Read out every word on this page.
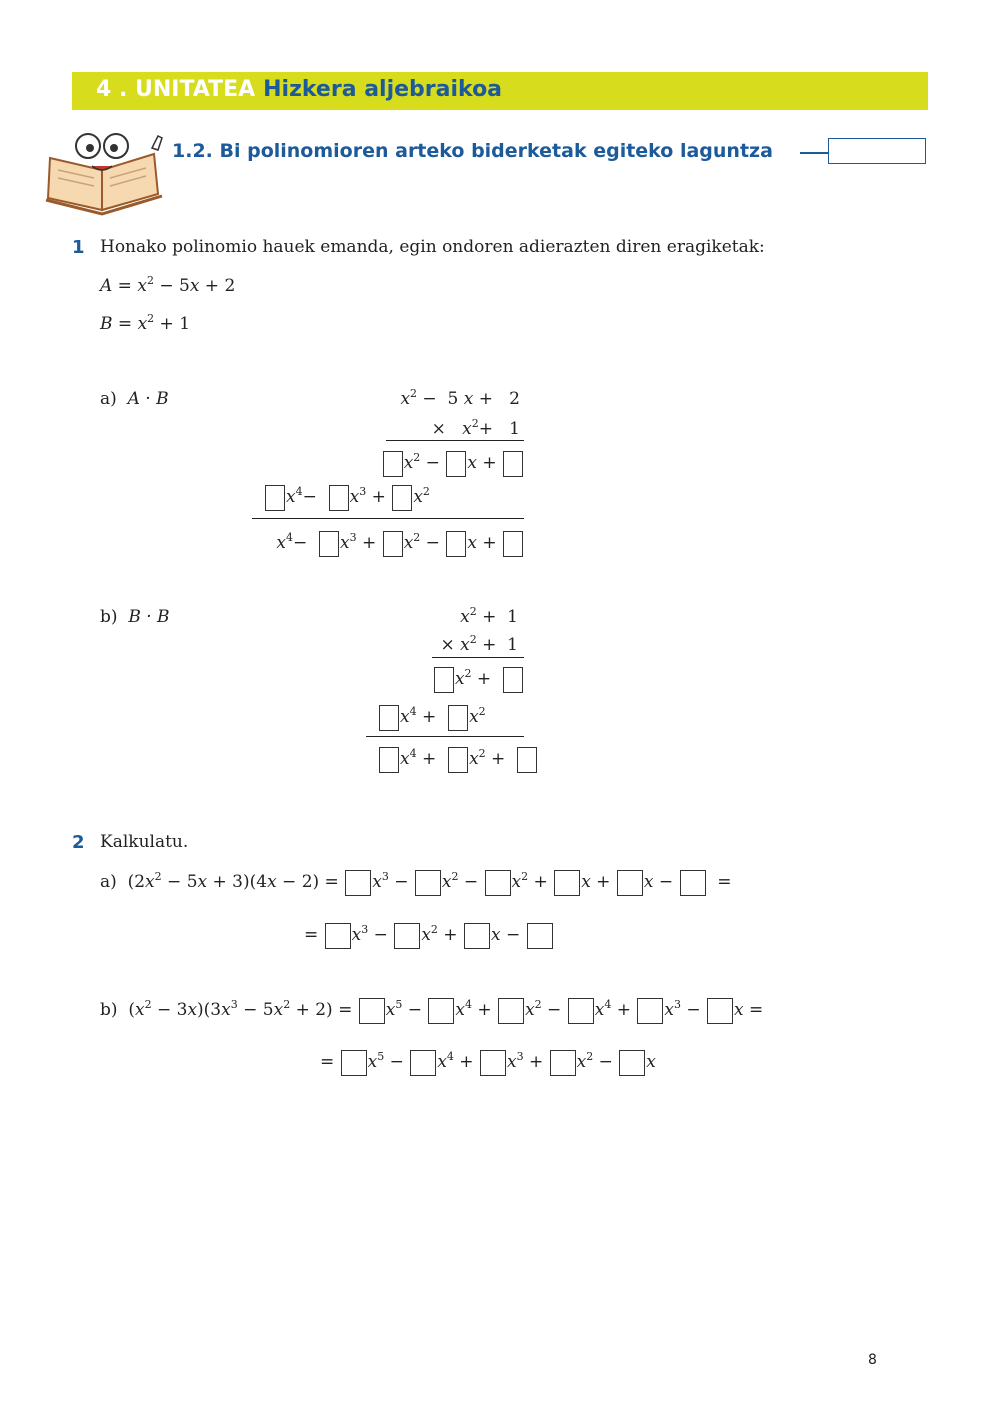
4 . UNITATEA Hizkera aljebraikoa
1.2. Bi polinomioren arteko biderketak egiteko laguntza
1 Honako polinomio hauek emanda, egin ondoren adierazten diren eragiketak:
$A = x^2 - 5x + 2$
$B = x^2 + 1$
a) A · B	$x^2 - 5$ x +   2
×   $x^2+ 1$
$x^2 - x$ +
$x^4- x^3 + x^2$
$x^4- x^3 + x^2 - x$ +
b) B · B	$x^2 + 1$
× $x^2 + 1$
$x^2$ +
$x^4 + x^2$
$x^4 + x^2$ +
2 Kalkulatu.
a)  $(2x^2 - 5x + 3)(4x - 2) = x^3 - x^2 - x^2 + x + x$ −   =
= $x^3 - x^2 + x$ −
b)  $(x^2 - 3x)(3x^3 - 5x^2 + 2) = x^5 - x^4 + x^2 - x^4 + x^3 - x$ =
= $x^5 - x^4 + x^3 + x^2 - x$
8
